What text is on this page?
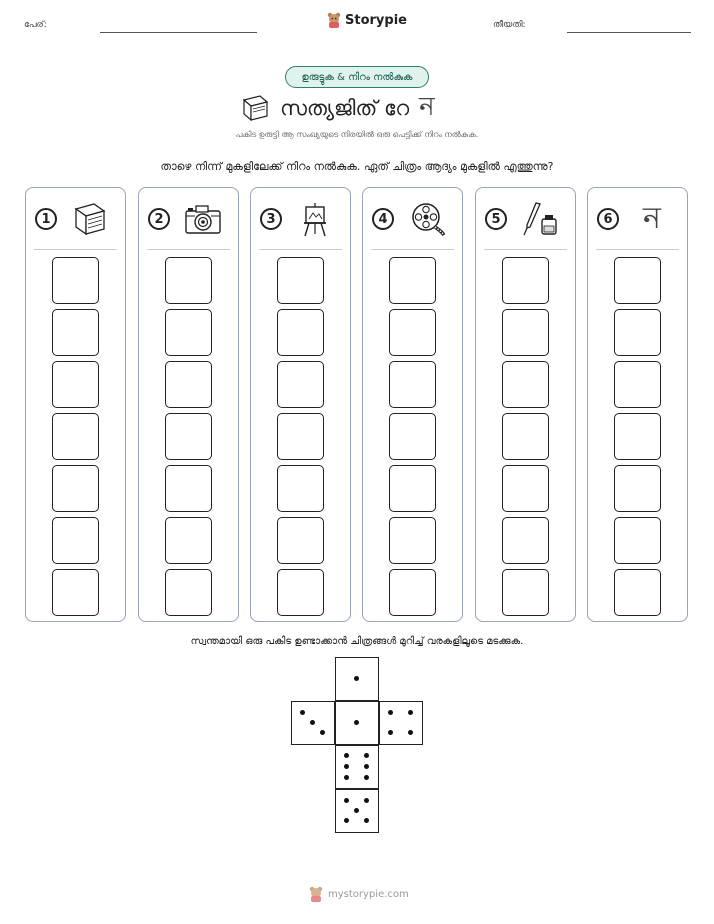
പേര്:	Storypie	തീയതി:
ഉരുട്ടുക & നിറം നൽകുക
സത്യജിത് റേ ন
പകിട ഉരുട്ടി ആ സംഖ്യയുടെ നിരയിൽ ഒരു പെട്ടിക്ക് നിറം നൽകുക.
താഴെ നിന്ന് മുകളിലേക്ക് നിറം നൽകുക. ഏത് ചിത്രം ആദ്യം മുകളിൽ എത്തുന്നു?
1	2	3	4	5	6	ন
സ്വന്തമായി ഒരു പകിട ഉണ്ടാക്കാൻ ചിത്രങ്ങൾ മുറിച്ച് വരകളിലൂടെ മടക്കുക.
mystorypie.com
